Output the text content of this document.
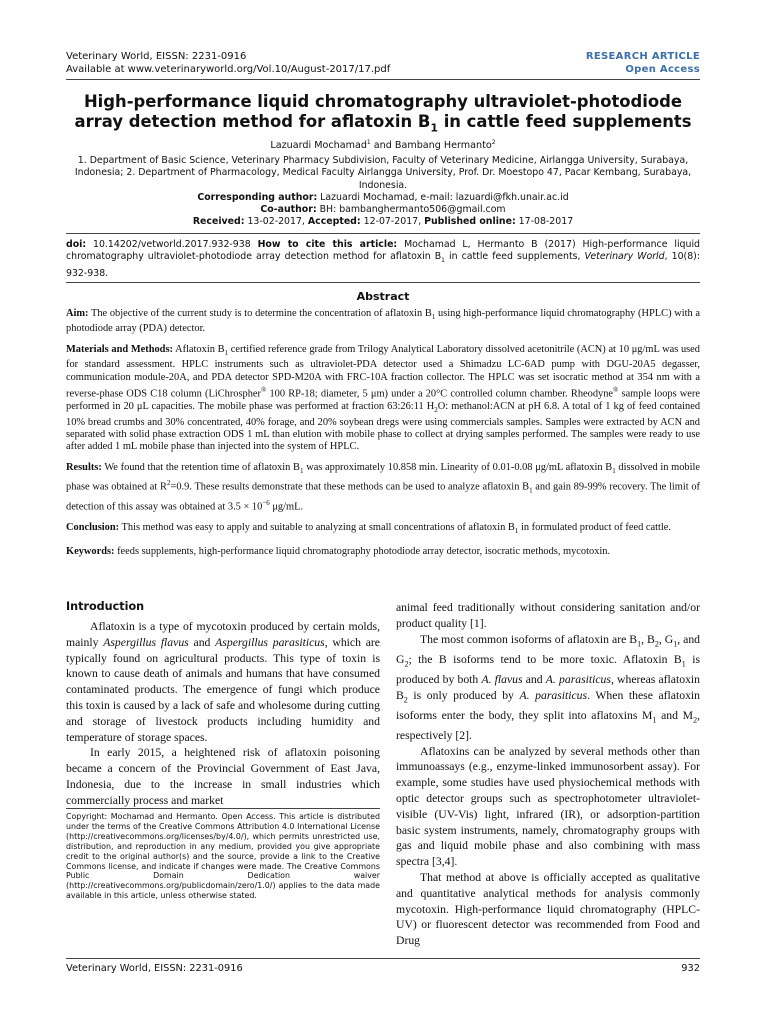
Veterinary World, EISSN: 2231-0916
Available at www.veterinaryworld.org/Vol.10/August-2017/17.pdf
RESEARCH ARTICLE
Open Access
High-performance liquid chromatography ultraviolet-photodiode array detection method for aflatoxin $B_1$ in cattle feed supplements
Lazuardi Mochamad$^1$ and Bambang Hermanto$^2$
1. Department of Basic Science, Veterinary Pharmacy Subdivision, Faculty of Veterinary Medicine, Airlangga University, Surabaya, Indonesia; 2. Department of Pharmacology, Medical Faculty Airlangga University, Prof. Dr. Moestopo 47, Pacar Kembang, Surabaya, Indonesia.
Corresponding author: Lazuardi Mochamad, e-mail: lazuardi@fkh.unair.ac.id
Co-author: BH: bambanghermanto506@gmail.com
Received: 13-02-2017, Accepted: 12-07-2017, Published online: 17-08-2017
doi: 10.14202/vetworld.2017.932-938 How to cite this article: Mochamad L, Hermanto B (2017) High-performance liquid chromatography ultraviolet-photodiode array detection method for aflatoxin $B_1$ in cattle feed supplements, Veterinary World, 10(8): 932-938.
Abstract

Aim: The objective of the current study is to determine the concentration of aflatoxin $B_1$ using high-performance liquid chromatography (HPLC) with a photodiode array (PDA) detector.

Materials and Methods: Aflatoxin $B_1$ certified reference grade from Trilogy Analytical Laboratory dissolved acetonitrile (ACN) at 10 μg/mL was used for standard assessment. HPLC instruments such as ultraviolet-PDA detector used a Shimadzu LC-6AD pump with DGU-20A5 degasser, communication module-20A, and PDA detector SPD-M20A with FRC-10A fraction collector. The HPLC was set isocratic method at 354 nm with a reverse-phase ODS C18 column (LiChrospher® 100 RP-18; diameter, 5 μm) under a 20°C controlled column chamber. Rheodyne® sample loops were performed in 20 μL capacities. The mobile phase was performed at fraction 63:26:11 $H_2O$: methanol:ACN at pH 6.8. A total of 1 kg of feed contained 10% bread crumbs and 30% concentrated, 40% forage, and 20% soybean dregs were using commercials samples. Samples were extracted by ACN and separated with solid phase extraction ODS 1 mL than elution with mobile phase to collect at drying samples performed. The samples were ready to use after added 1 mL mobile phase than injected into the system of HPLC.

Results: We found that the retention time of aflatoxin $B_1$ was approximately 10.858 min. Linearity of 0.01-0.08 μg/mL aflatoxin $B_1$ dissolved in mobile phase was obtained at $R^2=0.9$. These results demonstrate that these methods can be used to analyze aflatoxin $B_1$ and gain 89-99% recovery. The limit of detection of this assay was obtained at $3.5 \times 10^{-6}$ μg/mL.

Conclusion: This method was easy to apply and suitable to analyzing at small concentrations of aflatoxin $B_1$ in formulated product of feed cattle.

Keywords: feeds supplements, high-performance liquid chromatography photodiode array detector, isocratic methods, mycotoxin.

Introduction

Aflatoxin is a type of mycotoxin produced by certain molds, mainly Aspergillus flavus and Aspergillus parasiticus, which are typically found on agricultural products. This type of toxin is known to cause death of animals and humans that have consumed contaminated products. The emergence of fungi which produce this toxin is caused by a lack of safe and wholesome during cutting and storage of livestock products including humidity and temperature of storage spaces.

In early 2015, a heightened risk of aflatoxin poisoning became a concern of the Provincial Government of East Java, Indonesia, due to the increase in small industries which commercially process and market

Copyright: Mochamad and Hermanto. Open Access. This article is distributed under the terms of the Creative Commons Attribution 4.0 International License (http://creativecommons.org/licenses/by/4.0/), which permits unrestricted use, distribution, and reproduction in any medium, provided you give appropriate credit to the original author(s) and the source, provide a link to the Creative Commons license, and indicate if changes were made. The Creative Commons Public Domain Dedication waiver (http://creativecommons.org/publicdomain/zero/1.0/) applies to the data made available in this article, unless otherwise stated.

animal feed traditionally without considering sanitation and/or product quality [1].

The most common isoforms of aflatoxin are $B_1$, $B_2$, $G_1$, and $G_2$; the B isoforms tend to be more toxic. Aflatoxin $B_1$ is produced by both A. flavus and A. parasiticus, whereas aflatoxin $B_2$ is only produced by A. parasiticus. When these aflatoxin isoforms enter the body, they split into aflatoxins $M_1$ and $M_2$, respectively [2].

Aflatoxins can be analyzed by several methods other than immunoassays (e.g., enzyme-linked immunosorbent assay). For example, some studies have used physiochemical methods with optic detector groups such as spectrophotometer ultraviolet-visible (UV-Vis) light, infrared (IR), or adsorption-partition basic system instruments, namely, chromatography groups with gas and liquid mobile phase and also combining with mass spectra [3,4].

That method at above is officially accepted as qualitative and quantitative analytical methods for analysis commonly mycotoxin. High-performance liquid chromatography (HPLC-UV) or fluorescent detector was recommended from Food and Drug

Veterinary World, EISSN: 2231-0916	932
